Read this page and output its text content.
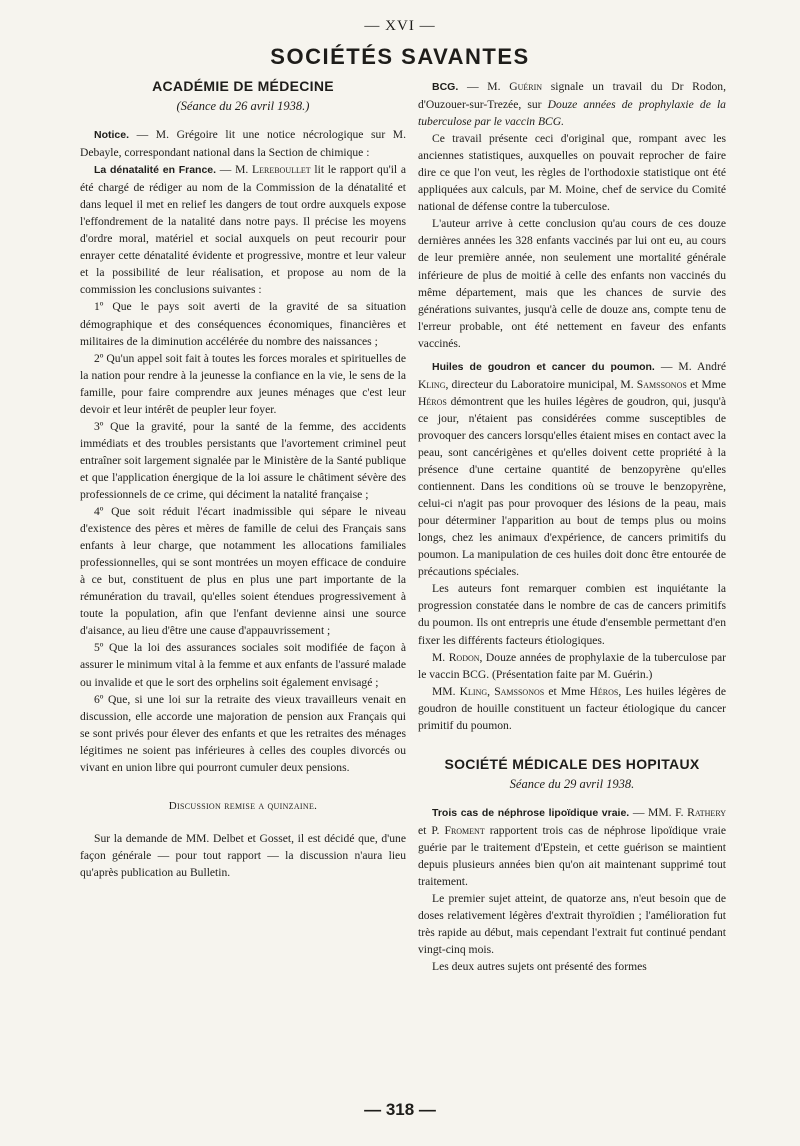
— XVI —
SOCIÉTÉS SAVANTES
ACADÉMIE DE MÉDECINE
(Séance du 26 avril 1938.)

Notice. — M. Grégoire lit une notice nécrologique sur M. Debayle, correspondant national dans la Section de chimique :

La dénatalité en France. — M. Lereboullet lit le rapport qu'il a été chargé de rédiger au nom de la Commission de la dénatalité et dans lequel il met en relief les dangers de tout ordre auxquels expose l'effondrement de la natalité dans notre pays. Il précise les moyens d'ordre moral, matériel et social auxquels on peut recourir pour enrayer cette dénatalité évidente et progressive, montre et leur valeur et la possibilité de leur réalisation, et propose au nom de la commission les conclusions suivantes :

1º Que le pays soit averti de la gravité de sa situation démographique et des conséquences économiques, financières et militaires de la diminution accélérée du nombre des naissances ;

2º Qu'un appel soit fait à toutes les forces morales et spirituelles de la nation pour rendre à la jeunesse la confiance en la vie, le sens de la famille, pour faire comprendre aux jeunes ménages que c'est leur devoir et leur intérêt de peupler leur foyer.

3º Que la gravité, pour la santé de la femme, des accidents immédiats et des troubles persistants que l'avortement criminel peut entraîner soit largement signalée par le Ministère de la Santé publique et que l'application énergique de la loi assure le châtiment sévère des professionnels de ce crime, qui déciment la natalité française ;

4º Que soit réduit l'écart inadmissible qui sépare le niveau d'existence des pères et mères de famille de celui des Français sans enfants à leur charge, que notamment les allocations familiales professionnelles, qui se sont montrées un moyen efficace de conduire à ce but, constituent de plus en plus une part importante de la rémunération du travail, qu'elles soient étendues progressivement à toute la population, afin que l'enfant devienne ainsi une source d'aisance, au lieu d'être une cause d'appauvrissement ;

5º Que la loi des assurances sociales soit modifiée de façon à assurer le minimum vital à la femme et aux enfants de l'assuré malade ou invalide et que le sort des orphelins soit également envisagé ;

6º Que, si une loi sur la retraite des vieux travailleurs venait en discussion, elle accorde une majoration de pension aux Français qui se sont privés pour élever des enfants et que les retraites des ménages légitimes ne soient pas inférieures à celles des couples divorcés ou vivant en union libre qui pourront cumuler deux pensions.

Discussion remise a quinzaine.

Sur la demande de MM. Delbet et Gosset, il est décidé que, d'une façon générale — pour tout rapport — la discussion n'aura lieu qu'après publication au Bulletin.

BCG. — M. Guérin signale un travail du Dr Rodon, d'Ouzouer-sur-Trezée, sur Douze années de prophylaxie de la tuberculose par le vaccin BCG.

Ce travail présente ceci d'original que, rompant avec les anciennes statistiques, auxquelles on pouvait reprocher de faire dire ce que l'on veut, les règles de l'orthodoxie statistique ont été appliquées aux calculs, par M. Moine, chef de service du Comité national de défense contre la tuberculose.

L'auteur arrive à cette conclusion qu'au cours de ces douze dernières années les 328 enfants vaccinés par lui ont eu, au cours de leur première année, non seulement une mortalité générale inférieure de plus de moitié à celle des enfants non vaccinés du même département, mais que les chances de survie des générations suivantes, jusqu'à celle de douze ans, compte tenu de l'erreur probable, ont été nettement en faveur des enfants vaccinés.

Huiles de goudron et cancer du poumon. — M. André Kling, directeur du Laboratoire municipal, M. Samssonos et Mme Héros démontrent que les huiles légères de goudron, qui, jusqu'à ce jour, n'étaient pas considérées comme susceptibles de provoquer des cancers lorsqu'elles étaient mises en contact avec la peau, sont cancérigènes et qu'elles doivent cette propriété à la présence d'une certaine quantité de benzopyrène qu'elles contiennent. Dans les conditions où se trouve le benzopyrène, celui-ci n'agit pas pour provoquer des lésions de la peau, mais pour déterminer l'apparition au bout de temps plus ou moins longs, chez les animaux d'expérience, de cancers primitifs du poumon. La manipulation de ces huiles doit donc être entourée de précautions spéciales.

Les auteurs font remarquer combien est inquiétante la progression constatée dans le nombre de cas de cancers primitifs du poumon. Ils ont entrepris une étude d'ensemble permettant d'en fixer les différents facteurs étiologiques.

M. Rodon, Douze années de prophylaxie de la tuberculose par le vaccin BCG. (Présentation faite par M. Guérin.)

MM. Kling, Samssonos et Mme Héros, Les huiles légères de goudron de houille constituent un facteur étiologique du cancer primitif du poumon.

SOCIÉTÉ MÉDICALE DES HOPITAUX
Séance du 29 avril 1938.

Trois cas de néphrose lipoïdique vraie. — MM. F. Rathery et P. Froment rapportent trois cas de néphrose lipoïdique vraie guérie par le traitement d'Epstein, et cette guérison se maintient depuis plusieurs années bien qu'on ait maintenant supprimé tout traitement.

Le premier sujet atteint, de quatorze ans, n'eut besoin que de doses relativement légères d'extrait thyroïdien ; l'amélioration fut très rapide au début, mais cependant l'extrait fut continué pendant vingt-cinq mois.

Les deux autres sujets ont présenté des formes

— 318 —
